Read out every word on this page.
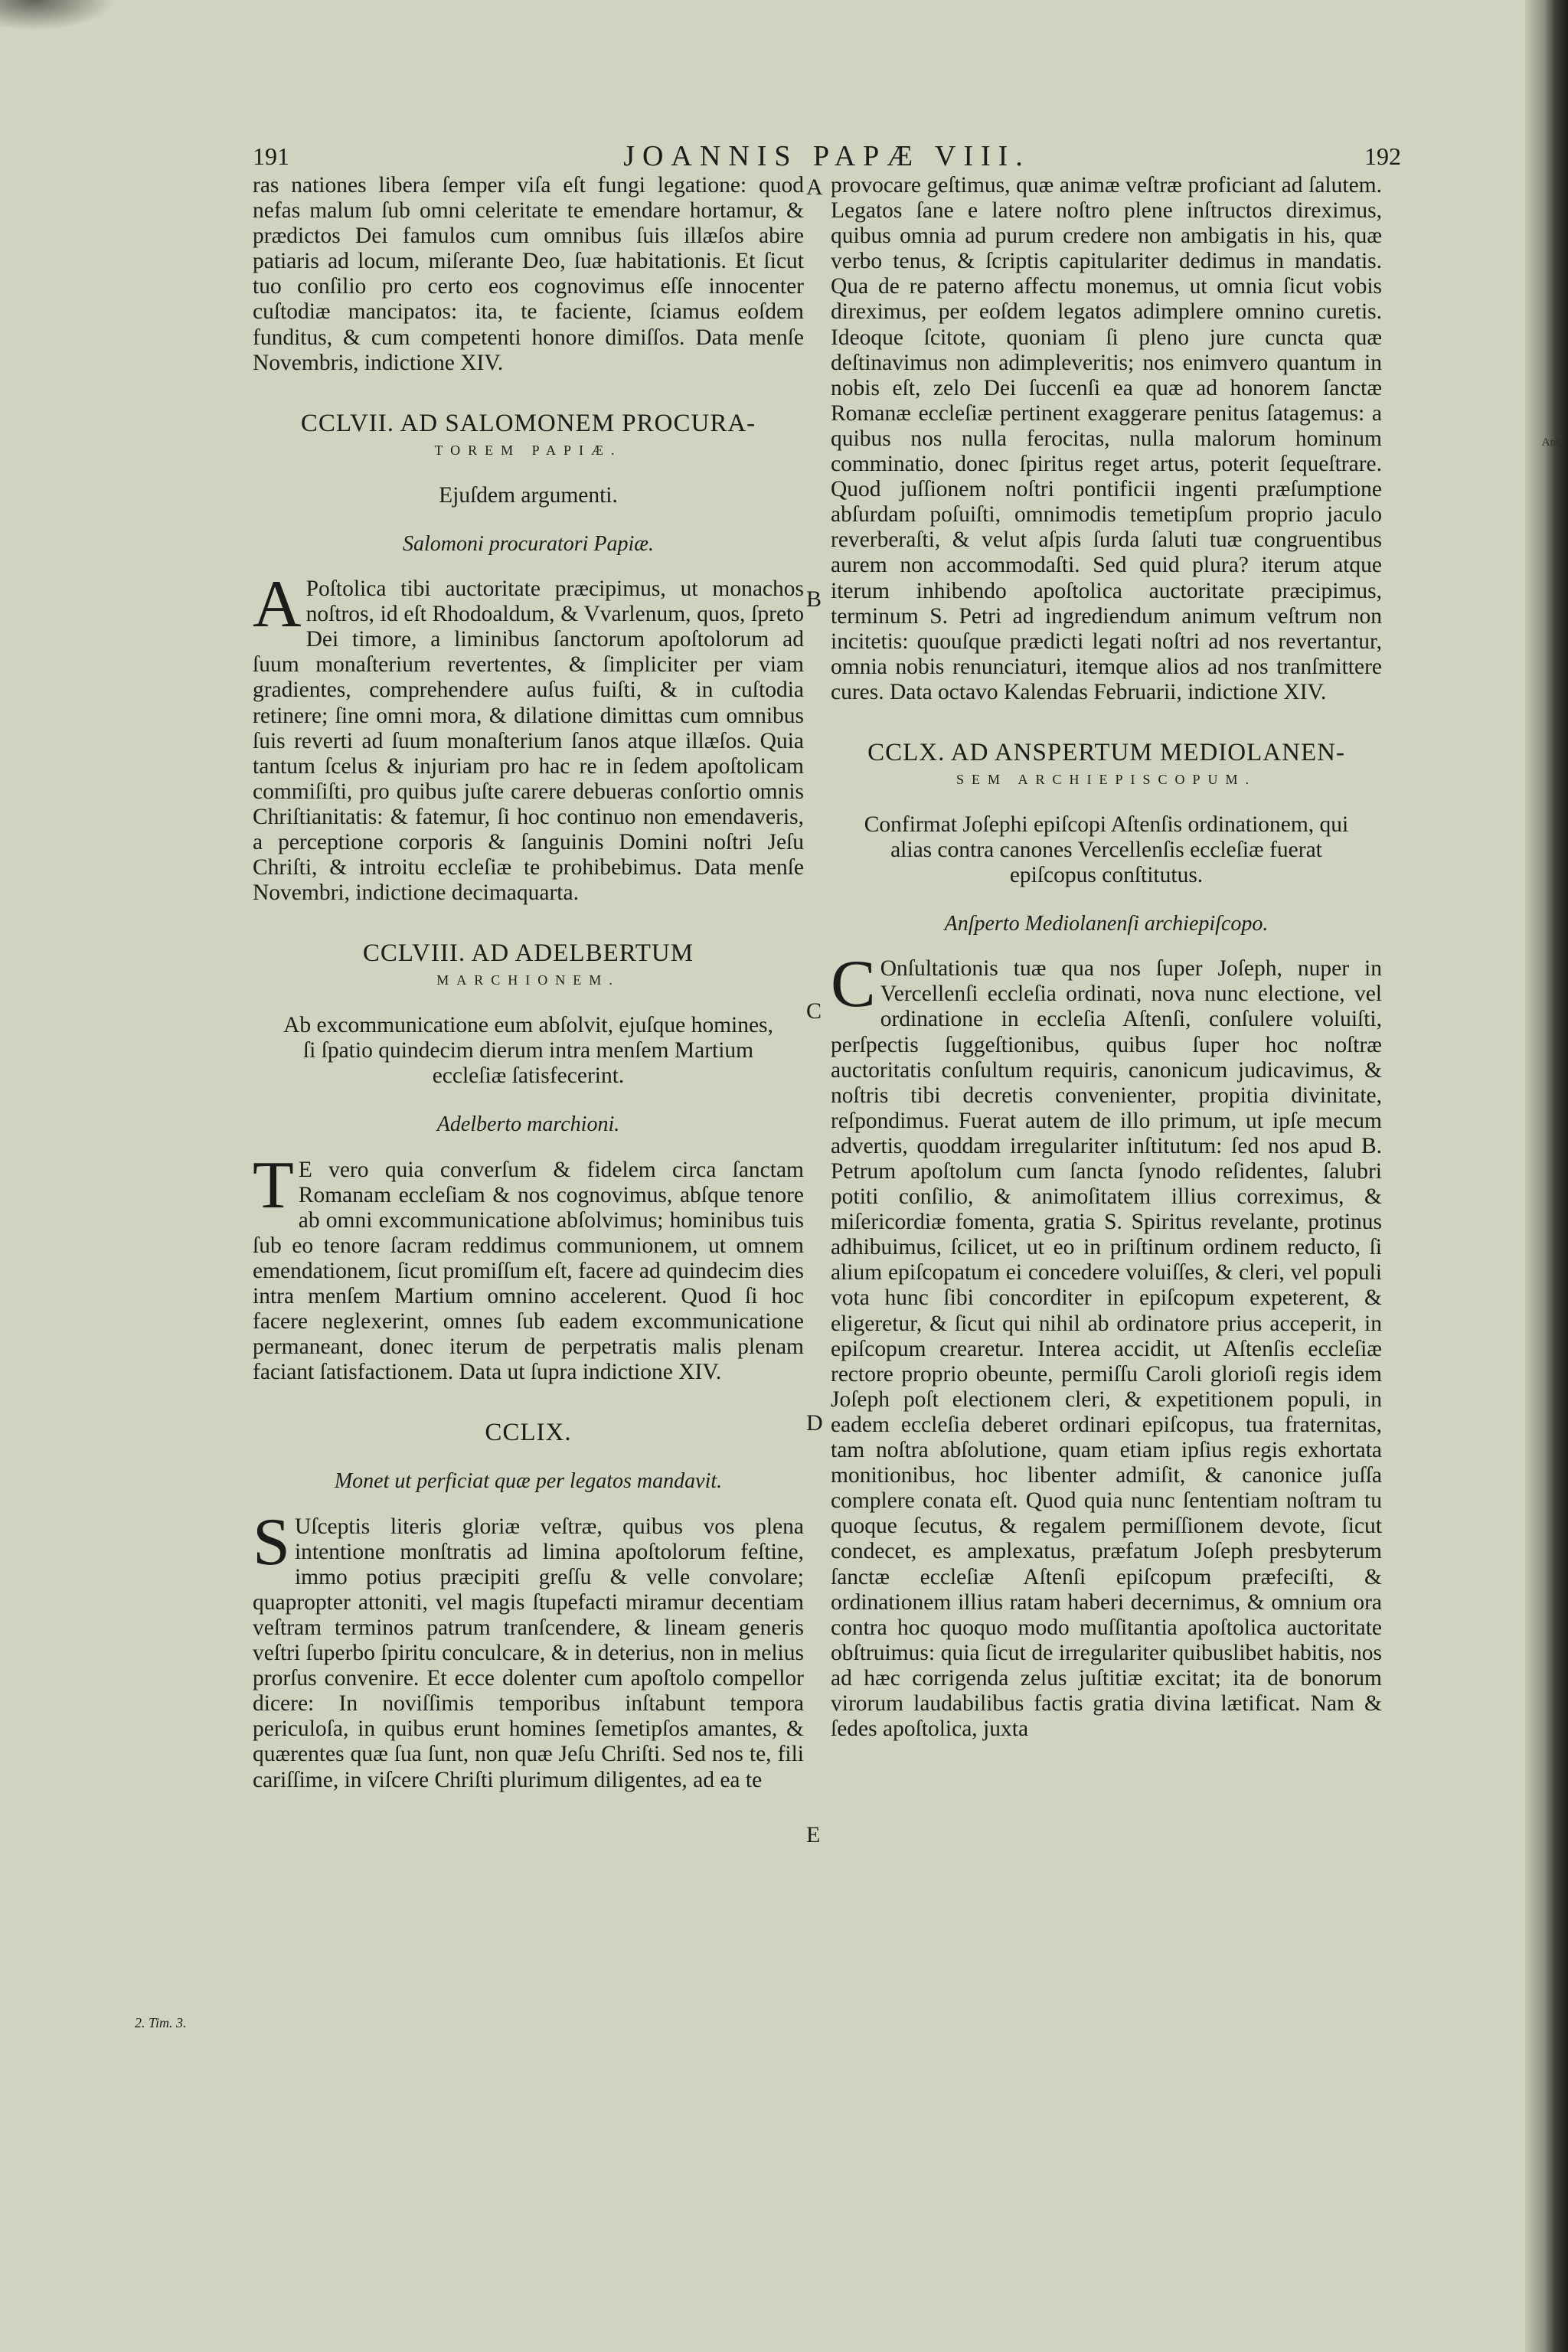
AnC
191	JOANNIS PAPÆ VIII.	192

ras nationes libera ſemper viſa eſt fungi legatione: quod nefas malum ſub omni celeritate te emendare hortamur, & prædictos Dei famulos cum omnibus ſuis illæſos abire patiaris ad locum, miſerante Deo, ſuæ habitationis. Et ſicut tuo conſilio pro certo eos cognovimus eſſe innocenter cuſtodiæ mancipatos: ita, te faciente, ſciamus eoſdem funditus, & cum competenti honore dimiſſos. Data menſe Novembris, indictione XIV.

CCLVII. AD SALOMONEM PROCURA-
TOREM PAPIÆ.
Ejuſdem argumenti.
Salomoni procuratori Papiæ.

A Poſtolica tibi auctoritate præcipimus, ut monachos noſtros, id eſt Rhodoaldum, & Vvarlenum, quos, ſpreto Dei timore, a liminibus ſanctorum apoſtolorum ad ſuum monaſterium revertentes, & ſimpliciter per viam gradientes, comprehendere auſus fuiſti, & in cuſtodia retinere; ſine omni mora, & dilatione dimittas cum omnibus ſuis reverti ad ſuum monaſterium ſanos atque illæſos. Quia tantum ſcelus & injuriam pro hac re in ſedem apoſtolicam commiſiſti, pro quibus juſte carere debueras conſortio omnis Chriſtianitatis: & fatemur, ſi hoc continuo non emendaveris, a perceptione corporis & ſanguinis Domini noſtri Jeſu Chriſti, & introitu eccleſiæ te prohibebimus. Data menſe Novembri, indictione decimaquarta.

CCLVIII. AD ADELBERTUM
MARCHIONEM.
Ab excommunicatione eum abſolvit, ejuſque homines, ſi ſpatio quindecim dierum intra menſem Martium eccleſiæ ſatisfecerint.
Adelberto marchioni.

T E vero quia converſum & fidelem circa ſanctam Romanam eccleſiam & nos cognovimus, abſque tenore ab omni excommunicatione abſolvimus; hominibus tuis ſub eo tenore ſacram reddimus communionem, ut omnem emendationem, ſicut promiſſum eſt, facere ad quindecim dies intra menſem Martium omnino accelerent. Quod ſi hoc facere neglexerint, omnes ſub eadem excommunicatione permaneant, donec iterum de perpetratis malis plenam faciant ſatisfactionem. Data ut ſupra indictione XIV.

CCLIX.
Monet ut perficiat quæ per legatos mandavit.

S Uſceptis literis gloriæ veſtræ, quibus vos plena intentione monſtratis ad limina apoſtolorum feſtine, immo potius præcipiti greſſu & velle convolare; quapropter attoniti, vel magis ſtupefacti miramur decentiam veſtram terminos patrum tranſcendere, & lineam generis veſtri ſuperbo ſpiritu conculcare, & in deterius, non in melius prorſus convenire. Et ecce dolenter cum apoſtolo compellor dicere: In noviſſimis temporibus inſtabunt tempora periculoſa, in quibus erunt homines ſemetipſos amantes, & quærentes quæ ſua ſunt, non quæ Jeſu Chriſti. Sed nos te, fili cariſſime, in viſcere Chriſti plurimum diligentes, ad ea te

2. Tim. 3.

provocare geſtimus, quæ animæ veſtræ proficiant ad ſalutem. Legatos ſane e latere noſtro plene inſtructos direximus, quibus omnia ad purum credere non ambigatis in his, quæ verbo tenus, & ſcriptis capitulariter dedimus in mandatis. Qua de re paterno affectu monemus, ut omnia ſicut vobis direximus, per eoſdem legatos adimplere omnino curetis. Ideoque ſcitote, quoniam ſi pleno jure cuncta quæ deſtinavimus non adimpleveritis; nos enimvero quantum in nobis eſt, zelo Dei ſuccenſi ea quæ ad honorem ſanctæ Romanæ eccleſiæ pertinent exaggerare penitus ſatagemus: a quibus nos nulla ferocitas, nulla malorum hominum comminatio, donec ſpiritus reget artus, poterit ſequeſtrare. Quod juſſionem noſtri pontificii ingenti præſumptione abſurdam poſuiſti, omnimodis temetipſum proprio jaculo reverberaſti, & velut aſpis ſurda ſaluti tuæ congruentibus aurem non accommodaſti. Sed quid plura? iterum atque iterum inhibendo apoſtolica auctoritate præcipimus, terminum S. Petri ad ingrediendum animum veſtrum non incitetis: quouſque prædicti legati noſtri ad nos revertantur, omnia nobis renunciaturi, itemque alios ad nos tranſmittere cures. Data octavo Kalendas Februarii, indictione XIV.

CCLX. AD ANSPERTUM MEDIOLANEN-
SEM ARCHIEPISCOPUM.
Confirmat Joſephi epiſcopi Aſtenſis ordinationem, qui alias contra canones Vercellenſis eccleſiæ fuerat epiſcopus conſtitutus.
Anſperto Mediolanenſi archiepiſcopo.

C Onſultationis tuæ qua nos ſuper Joſeph, nuper in Vercellenſi eccleſia ordinati, nova nunc electione, vel ordinatione in eccleſia Aſtenſi, conſulere voluiſti, perſpectis ſuggeſtionibus, quibus ſuper hoc noſtræ auctoritatis conſultum requiris, canonicum judicavimus, & noſtris tibi decretis convenienter, propitia divinitate, reſpondimus. Fuerat autem de illo primum, ut ipſe mecum advertis, quoddam irregulariter inſtitutum: ſed nos apud B. Petrum apoſtolum cum ſancta ſynodo reſidentes, ſalubri potiti conſilio, & animoſitatem illius correximus, & miſericordiæ fomenta, gratia S. Spiritus revelante, protinus adhibuimus, ſcilicet, ut eo in priſtinum ordinem reducto, ſi alium epiſcopatum ei concedere voluiſſes, & cleri, vel populi vota hunc ſibi concorditer in epiſcopum expeterent, & eligeretur, & ſicut qui nihil ab ordinatore prius acceperit, in epiſcopum crearetur. Interea accidit, ut Aſtenſis eccleſiæ rectore proprio obeunte, permiſſu Caroli glorioſi regis idem Joſeph poſt electionem cleri, & expetitionem populi, in eadem eccleſia deberet ordinari epiſcopus, tua fraternitas, tam noſtra abſolutione, quam etiam ipſius regis exhortata monitionibus, hoc libenter admiſit, & canonice juſſa complere conata eſt. Quod quia nunc ſententiam noſtram tu quoque ſecutus, & regalem permiſſionem devote, ſicut condecet, es amplexatus, præfatum Joſeph presbyterum ſanctæ eccleſiæ Aſtenſi epiſcopum præfeciſti, & ordinationem illius ratam haberi decernimus, & omnium ora contra hoc quoquo modo muſſitantia apoſtolica auctoritate obſtruimus: quia ſicut de irregulariter quibuslibet habitis, nos ad hæc corrigenda zelus juſtitiæ excitat; ita de bonorum virorum laudabilibus factis gratia divina lætificat. Nam & ſedes apoſtolica, juxta

A
B
C
D
E
